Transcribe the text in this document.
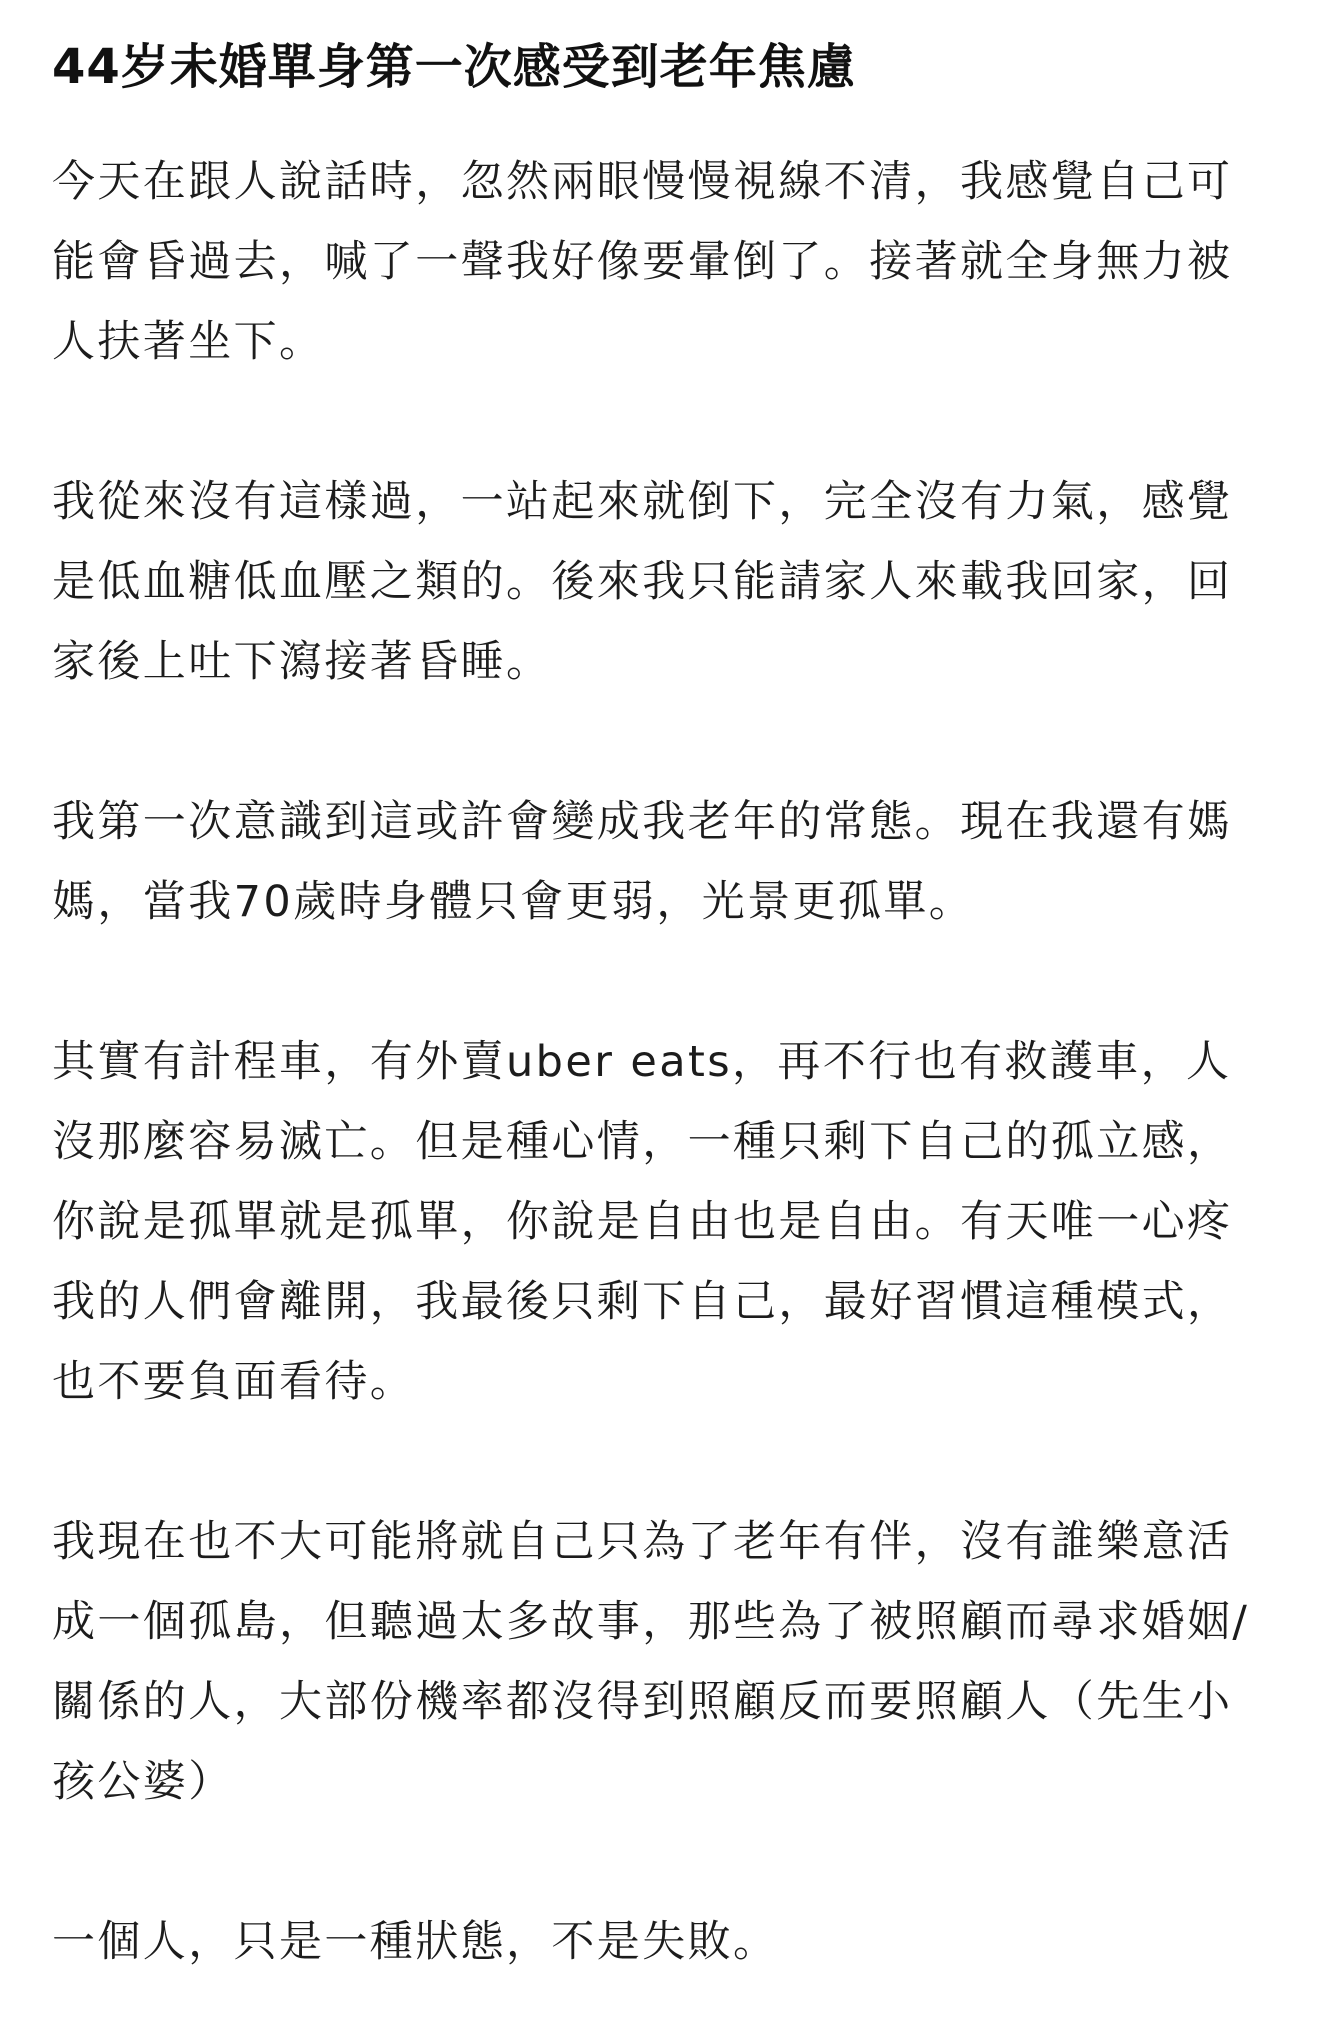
44岁未婚單身第一次感受到老年焦慮

今天在跟人說話時，忽然兩眼慢慢視線不清，我感覺自己可能會昏過去，喊了一聲我好像要暈倒了。接著就全身無力被人扶著坐下。

我從來沒有這樣過，一站起來就倒下，完全沒有力氣，感覺是低血糖低血壓之類的。後來我只能請家人來載我回家，回家後上吐下瀉接著昏睡。

我第一次意識到這或許會變成我老年的常態。現在我還有媽媽，當我70歲時身體只會更弱，光景更孤單。

其實有計程車，有外賣uber eats，再不行也有救護車，人沒那麼容易滅亡。但是種心情，一種只剩下自己的孤立感，你說是孤單就是孤單，你說是自由也是自由。有天唯一心疼我的人們會離開，我最後只剩下自己，最好習慣這種模式，也不要負面看待。

我現在也不大可能將就自己只為了老年有伴，沒有誰樂意活成一個孤島，但聽過太多故事，那些為了被照顧而尋求婚姻/關係的人，大部份機率都沒得到照顧反而要照顧人（先生小孩公婆）

一個人，只是一種狀態，不是失敗。
